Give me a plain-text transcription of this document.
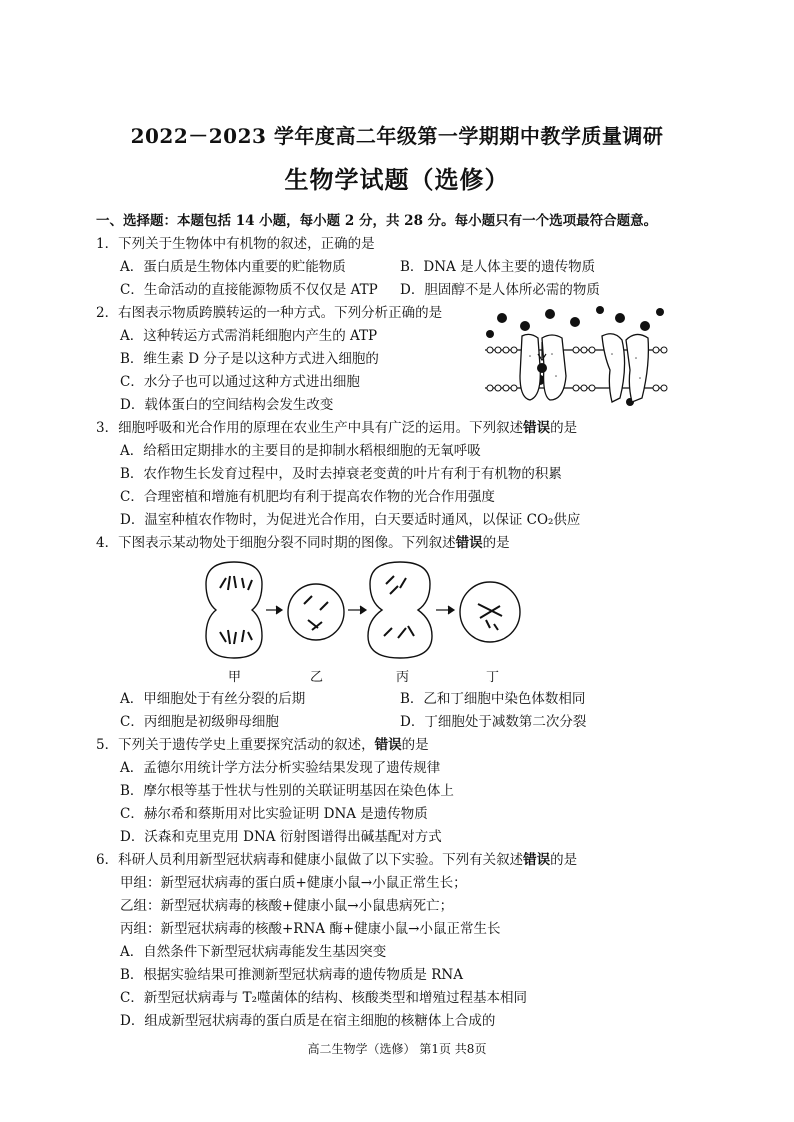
2022－2023 学年度高二年级第一学期期中教学质量调研
生物学试题（选修）
一、选择题：本题包括 14 小题，每小题 2 分，共 28 分。每小题只有一个选项最符合题意。
1．下列关于生物体中有机物的叙述，正确的是
A．蛋白质是生物体内重要的贮能物质	B．DNA 是人体主要的遗传物质
C．生命活动的直接能源物质不仅仅是 ATP D．胆固醇不是人体所必需的物质
2．右图表示物质跨膜转运的一种方式。下列分析正确的是
A．这种转运方式需消耗细胞内产生的 ATP
B．维生素 D 分子是以这种方式进入细胞的
C．水分子也可以通过这种方式进出细胞
D．载体蛋白的空间结构会发生改变
3．细胞呼吸和光合作用的原理在农业生产中具有广泛的运用。下列叙述错误的是
A．给稻田定期排水的主要目的是抑制水稻根细胞的无氧呼吸
B．农作物生长发育过程中，及时去掉衰老变黄的叶片有利于有机物的积累
C．合理密植和增施有机肥均有利于提高农作物的光合作用强度
D．温室种植农作物时，为促进光合作用，白天要适时通风，以保证 CO₂供应
4．下图表示某动物处于细胞分裂不同时期的图像。下列叙述错误的是
甲	乙	丙	丁
A．甲细胞处于有丝分裂的后期	B．乙和丁细胞中染色体数相同
C．丙细胞是初级卵母细胞	D．丁细胞处于减数第二次分裂
5．下列关于遗传学史上重要探究活动的叙述，错误的是
A．孟德尔用统计学方法分析实验结果发现了遗传规律
B．摩尔根等基于性状与性别的关联证明基因在染色体上
C．赫尔希和蔡斯用对比实验证明 DNA 是遗传物质
D．沃森和克里克用 DNA 衍射图谱得出碱基配对方式
6．科研人员利用新型冠状病毒和健康小鼠做了以下实验。下列有关叙述错误的是
甲组：新型冠状病毒的蛋白质+健康小鼠→小鼠正常生长；
乙组：新型冠状病毒的核酸+健康小鼠→小鼠患病死亡；
丙组：新型冠状病毒的核酸+RNA 酶+健康小鼠→小鼠正常生长
A．自然条件下新型冠状病毒能发生基因突变
B．根据实验结果可推测新型冠状病毒的遗传物质是 RNA
C．新型冠状病毒与 T₂噬菌体的结构、核酸类型和增殖过程基本相同
D．组成新型冠状病毒的蛋白质是在宿主细胞的核糖体上合成的
高二生物学（选修） 第1页 共8页
